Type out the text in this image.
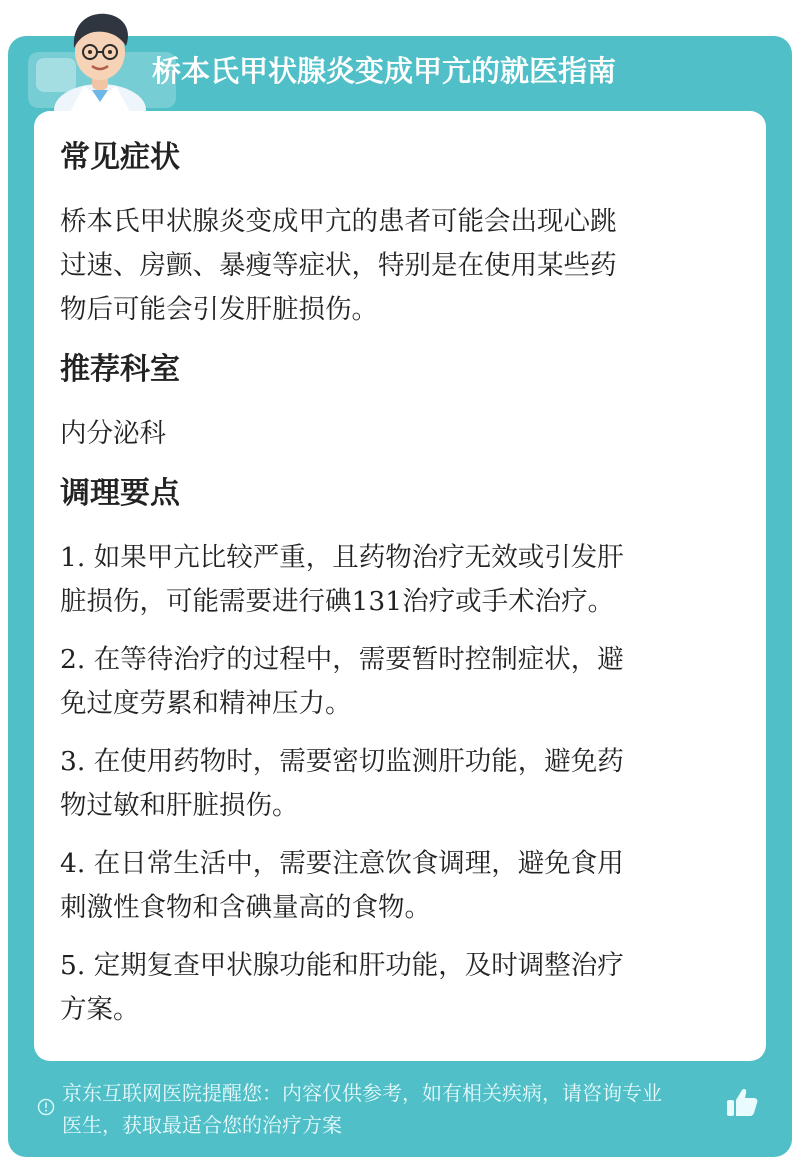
桥本氏甲状腺炎变成甲亢的就医指南

常见症状

桥本氏甲状腺炎变成甲亢的患者可能会出现心跳

过速、房颤、暴瘦等症状，特别是在使用某些药

物后可能会引发肝脏损伤。

推荐科室

内分泌科

调理要点

1. 如果甲亢比较严重，且药物治疗无效或引发肝

脏损伤，可能需要进行碘131治疗或手术治疗。

2. 在等待治疗的过程中，需要暂时控制症状，避

免过度劳累和精神压力。

3. 在使用药物时，需要密切监测肝功能，避免药

物过敏和肝脏损伤。

4. 在日常生活中，需要注意饮食调理，避免食用

刺激性食物和含碘量高的食物。

5. 定期复查甲状腺功能和肝功能，及时调整治疗

方案。

京东互联网医院提醒您：内容仅供参考，如有相关疾病，请咨询专业
医生，获取最适合您的治疗方案
